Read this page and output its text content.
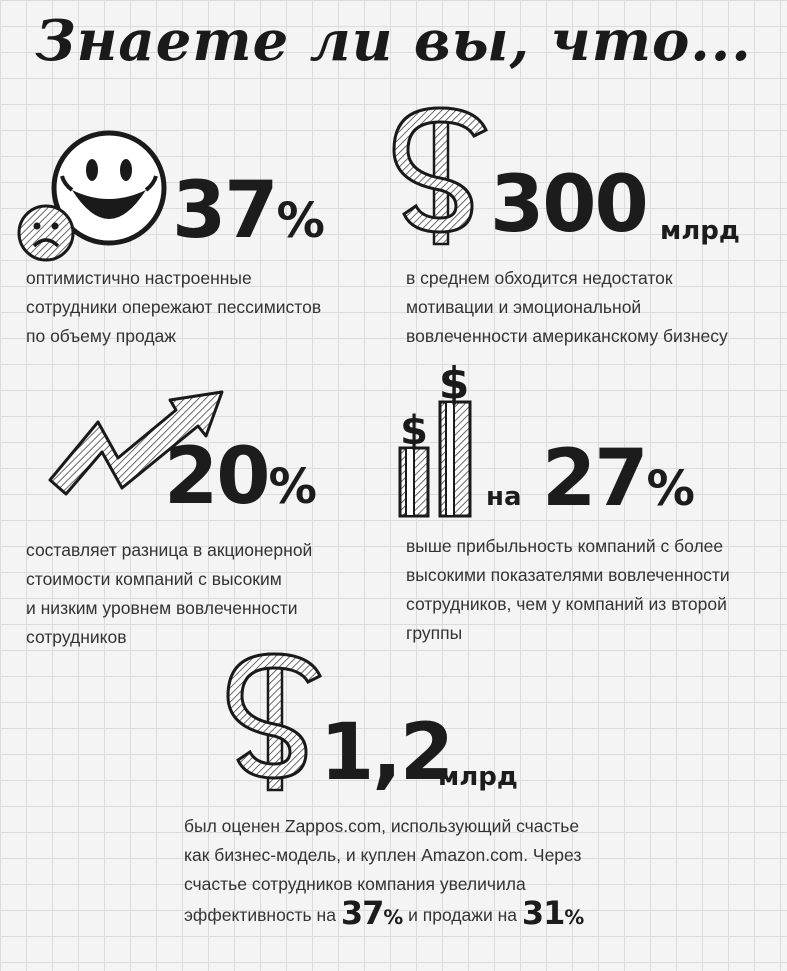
Знаете ли вы, что...
37%
оптимистично настроенные
сотрудники опережают пессимистов
по объему продаж
300 млрд
в среднем обходится недостаток
мотивации и эмоциональной
вовлеченности американскому бизнесу
20%
составляет разница в акционерной
стоимости компаний с высоким
и низким уровнем вовлеченности
сотрудников
$
$
на 27%
выше прибыльность компаний с более
высокими показателями вовлеченности
сотрудников, чем у компаний из второй
группы
1,2
млрд
был оценен Zappos.com, использующий счастье
как бизнес-модель, и куплен Amazon.com. Через
счастье сотрудников компания увеличила
эффективность на 37% и продажи на 31%
